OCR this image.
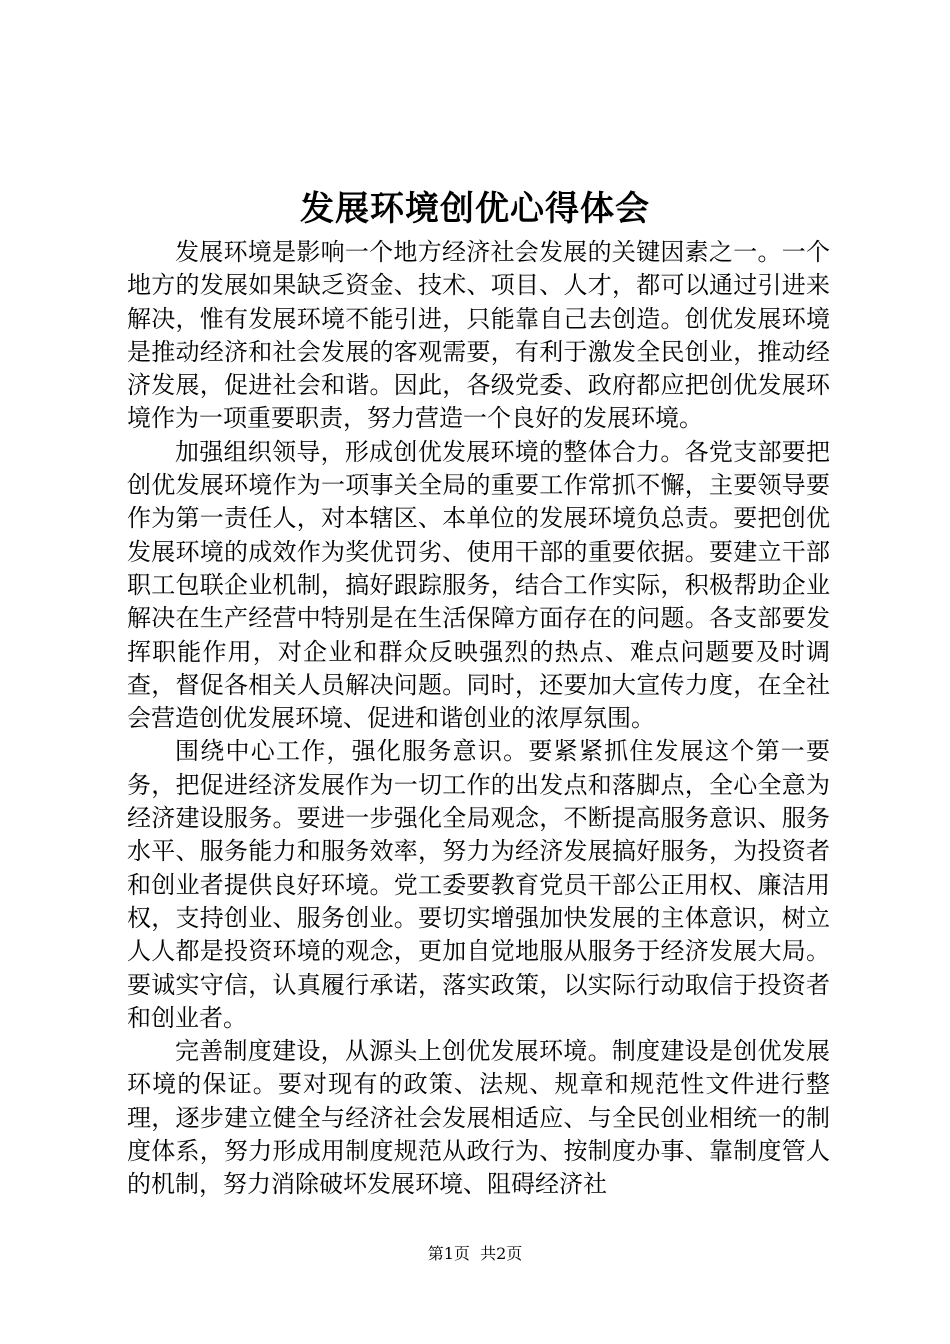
发展环境创优心得体会

发展环境是影响一个地方经济社会发展的关键因素之一。一个地方的发展如果缺乏资金、技术、项目、人才，都可以通过引进来解决，惟有发展环境不能引进，只能靠自己去创造。创优发展环境是推动经济和社会发展的客观需要，有利于激发全民创业，推动经济发展，促进社会和谐。因此，各级党委、政府都应把创优发展环境作为一项重要职责，努力营造一个良好的发展环境。

加强组织领导，形成创优发展环境的整体合力。各党支部要把创优发展环境作为一项事关全局的重要工作常抓不懈，主要领导要作为第一责任人，对本辖区、本单位的发展环境负总责。要把创优发展环境的成效作为奖优罚劣、使用干部的重要依据。要建立干部职工包联企业机制，搞好跟踪服务，结合工作实际，积极帮助企业解决在生产经营中特别是在生活保障方面存在的问题。各支部要发挥职能作用，对企业和群众反映强烈的热点、难点问题要及时调查，督促各相关人员解决问题。同时，还要加大宣传力度，在全社会营造创优发展环境、促进和谐创业的浓厚氛围。

围绕中心工作，强化服务意识。要紧紧抓住发展这个第一要务，把促进经济发展作为一切工作的出发点和落脚点，全心全意为经济建设服务。要进一步强化全局观念，不断提高服务意识、服务水平、服务能力和服务效率，努力为经济发展搞好服务，为投资者和创业者提供良好环境。党工委要教育党员干部公正用权、廉洁用权，支持创业、服务创业。要切实增强加快发展的主体意识，树立人人都是投资环境的观念，更加自觉地服从服务于经济发展大局。要诚实守信，认真履行承诺，落实政策，以实际行动取信于投资者和创业者。

完善制度建设，从源头上创优发展环境。制度建设是创优发展环境的保证。要对现有的政策、法规、规章和规范性文件进行整理，逐步建立健全与经济社会发展相适应、与全民创业相统一的制度体系，努力形成用制度规范从政行为、按制度办事、靠制度管人的机制，努力消除破坏发展环境、阻碍经济社

第1页  共2页
